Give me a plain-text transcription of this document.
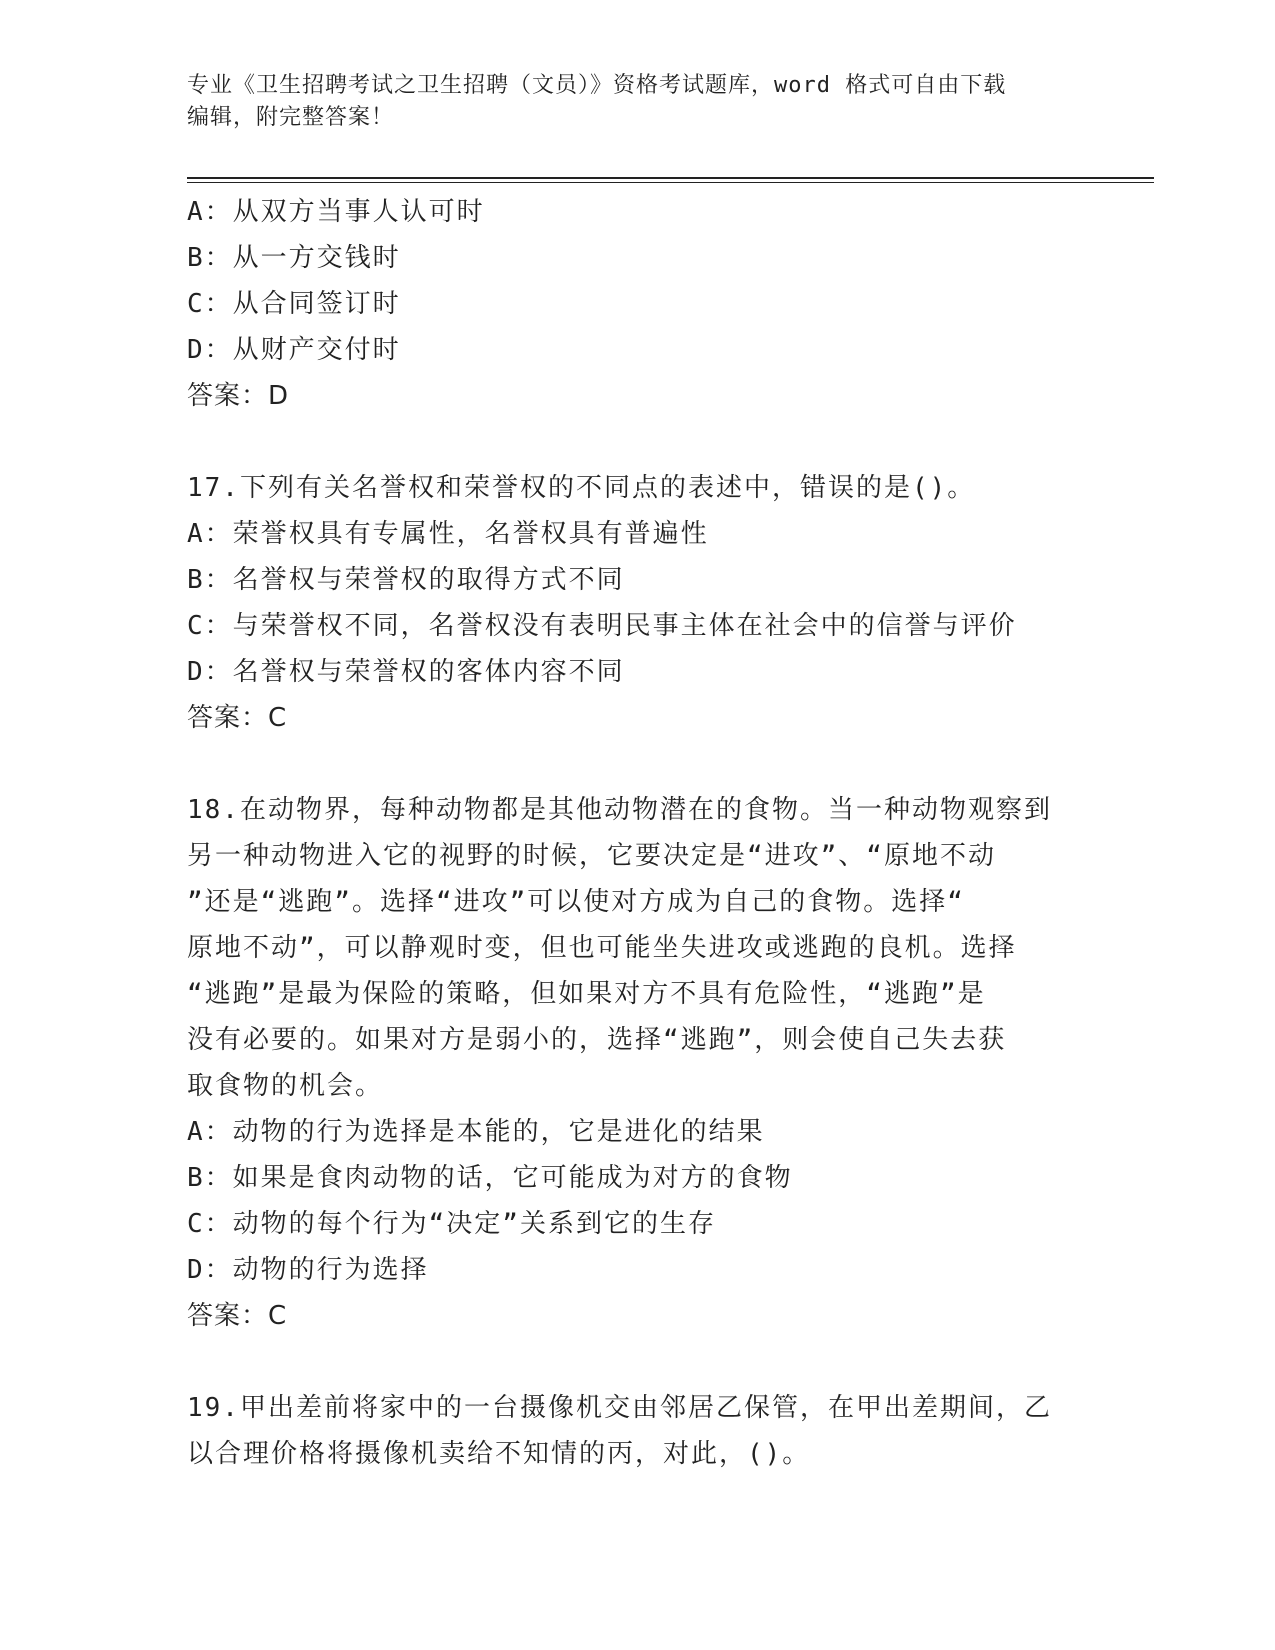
专业《卫生招聘考试之卫生招聘（文员）》资格考试题库，word 格式可自由下载
编辑，附完整答案！
A：从双方当事人认可时
B：从一方交钱时
C：从合同签订时
D：从财产交付时
答案：D
17.下列有关名誉权和荣誉权的不同点的表述中，错误的是()。
A：荣誉权具有专属性，名誉权具有普遍性
B：名誉权与荣誉权的取得方式不同
C：与荣誉权不同，名誉权没有表明民事主体在社会中的信誉与评价
D：名誉权与荣誉权的客体内容不同
答案：C
18.在动物界，每种动物都是其他动物潜在的食物。当一种动物观察到
另一种动物进入它的视野的时候，它要决定是“进攻”、“原地不动
”还是“逃跑”。选择“进攻”可以使对方成为自己的食物。选择“
原地不动”，可以静观时变，但也可能坐失进攻或逃跑的良机。选择
“逃跑”是最为保险的策略，但如果对方不具有危险性，“逃跑”是
没有必要的。如果对方是弱小的，选择“逃跑”，则会使自己失去获
取食物的机会。
A：动物的行为选择是本能的，它是进化的结果
B：如果是食肉动物的话，它可能成为对方的食物
C：动物的每个行为“决定”关系到它的生存
D：动物的行为选择
答案：C
19.甲出差前将家中的一台摄像机交由邻居乙保管，在甲出差期间，乙
以合理价格将摄像机卖给不知情的丙，对此，()。
